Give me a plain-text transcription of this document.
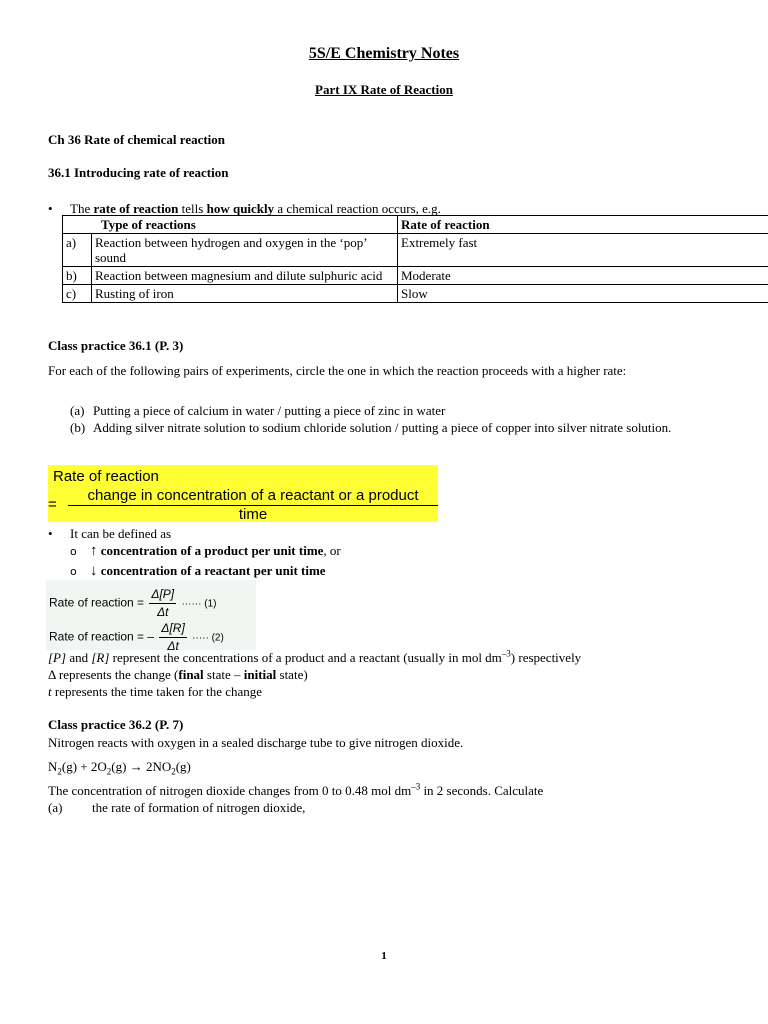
5S/E Chemistry Notes
Part IX Rate of Reaction
Ch 36 Rate of chemical reaction
36.1 Introducing rate of reaction
• The rate of reaction tells how quickly a chemical reaction occurs, e.g.
Type of reactions		Rate of reaction
a)	Reaction between hydrogen and oxygen in the ‘pop’ sound	Extremely fast
b)	Reaction between magnesium and dilute sulphuric acid	Moderate
c)	Rusting of iron	Slow
Class practice 36.1 (P. 3)
For each of the following pairs of experiments, circle the one in which the reaction proceeds with a higher rate:
(a) Putting a piece of calcium in water / putting a piece of zinc in water
(b) Adding silver nitrate solution to sodium chloride solution / putting a piece of copper into silver nitrate solution.
Rate of reaction
=
change in concentration of a reactant or a product
time
• It can be defined as
o ↑ concentration of a product per unit time, or
o ↓ concentration of a reactant per unit time
Rate of reaction = $\frac{\Delta[P]}{\Delta t}$ ······ (1)
Rate of reaction = – $\frac{\Delta[R]}{\Delta t}$ ····· (2)
[P] and [R] represent the concentrations of a product and a reactant (usually in mol $dm^{-3}$) respectively
Δ represents the change (final state – initial state)
t represents the time taken for the change
Class practice 36.2 (P. 7)
Nitrogen reacts with oxygen in a sealed discharge tube to give nitrogen dioxide.
$N_2(g) + 2O_2(g) \to 2NO_2(g)$
The concentration of nitrogen dioxide changes from 0 to 0.48 mol $dm^{-3}$ in 2 seconds. Calculate
(a) the rate of formation of nitrogen dioxide,
1
